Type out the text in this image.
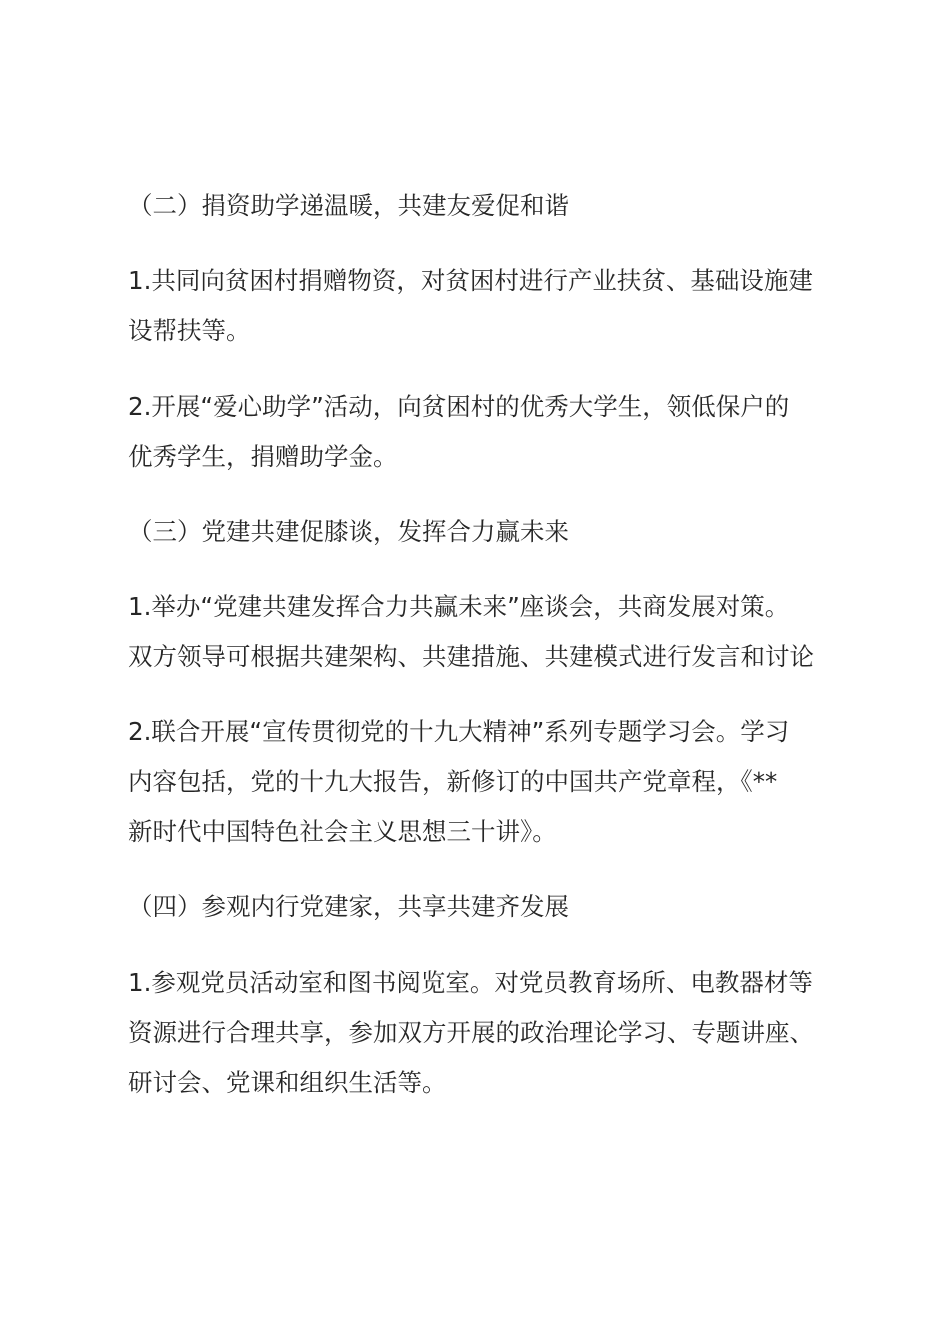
（二）捐资助学递温暖，共建友爱促和谐

1.共同向贫困村捐赠物资，对贫困村进行产业扶贫、基础设施建
设帮扶等。

2.开展“爱心助学”活动，向贫困村的优秀大学生，领低保户的
优秀学生，捐赠助学金。

（三）党建共建促膝谈，发挥合力赢未来

1.举办“党建共建发挥合力共赢未来”座谈会，共商发展对策。
双方领导可根据共建架构、共建措施、共建模式进行发言和讨论

2.联合开展“宣传贯彻党的十九大精神”系列专题学习会。学习
内容包括，党的十九大报告，新修订的中国共产党章程，《**
新时代中国特色社会主义思想三十讲》。

（四）参观内行党建家，共享共建齐发展

1.参观党员活动室和图书阅览室。对党员教育场所、电教器材等
资源进行合理共享，参加双方开展的政治理论学习、专题讲座、
研讨会、党课和组织生活等。
